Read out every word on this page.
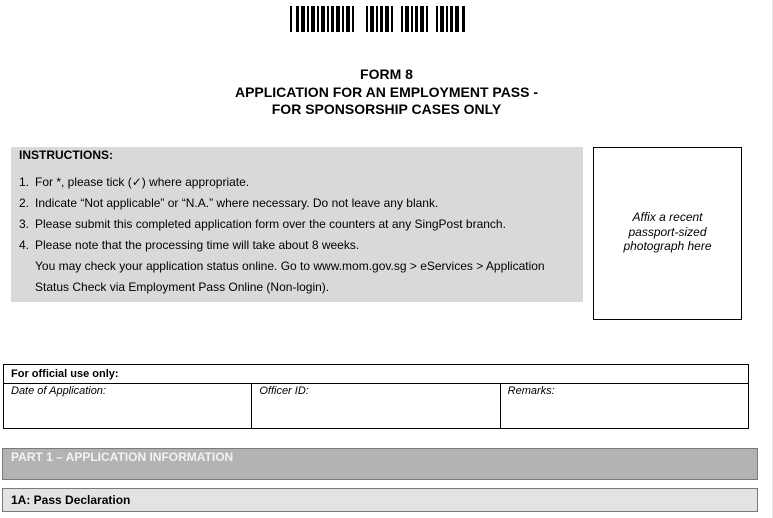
FORM 8
APPLICATION FOR AN EMPLOYMENT PASS -
FOR SPONSORSHIP CASES ONLY
INSTRUCTIONS:
1. For *, please tick (✓) where appropriate.
2. Indicate “Not applicable” or “N.A.” where necessary. Do not leave any blank.
3. Please submit this completed application form over the counters at any SingPost branch.
4. Please note that the processing time will take about 8 weeks.
You may check your application status online. Go to www.mom.gov.sg > eServices > Application Status Check via Employment Pass Online (Non-login).
Affix a recent
passport-sized
photograph here
For official use only:
Date of Application:	Officer ID:	Remarks:
PART 1 – APPLICATION INFORMATION
1A: Pass Declaration
